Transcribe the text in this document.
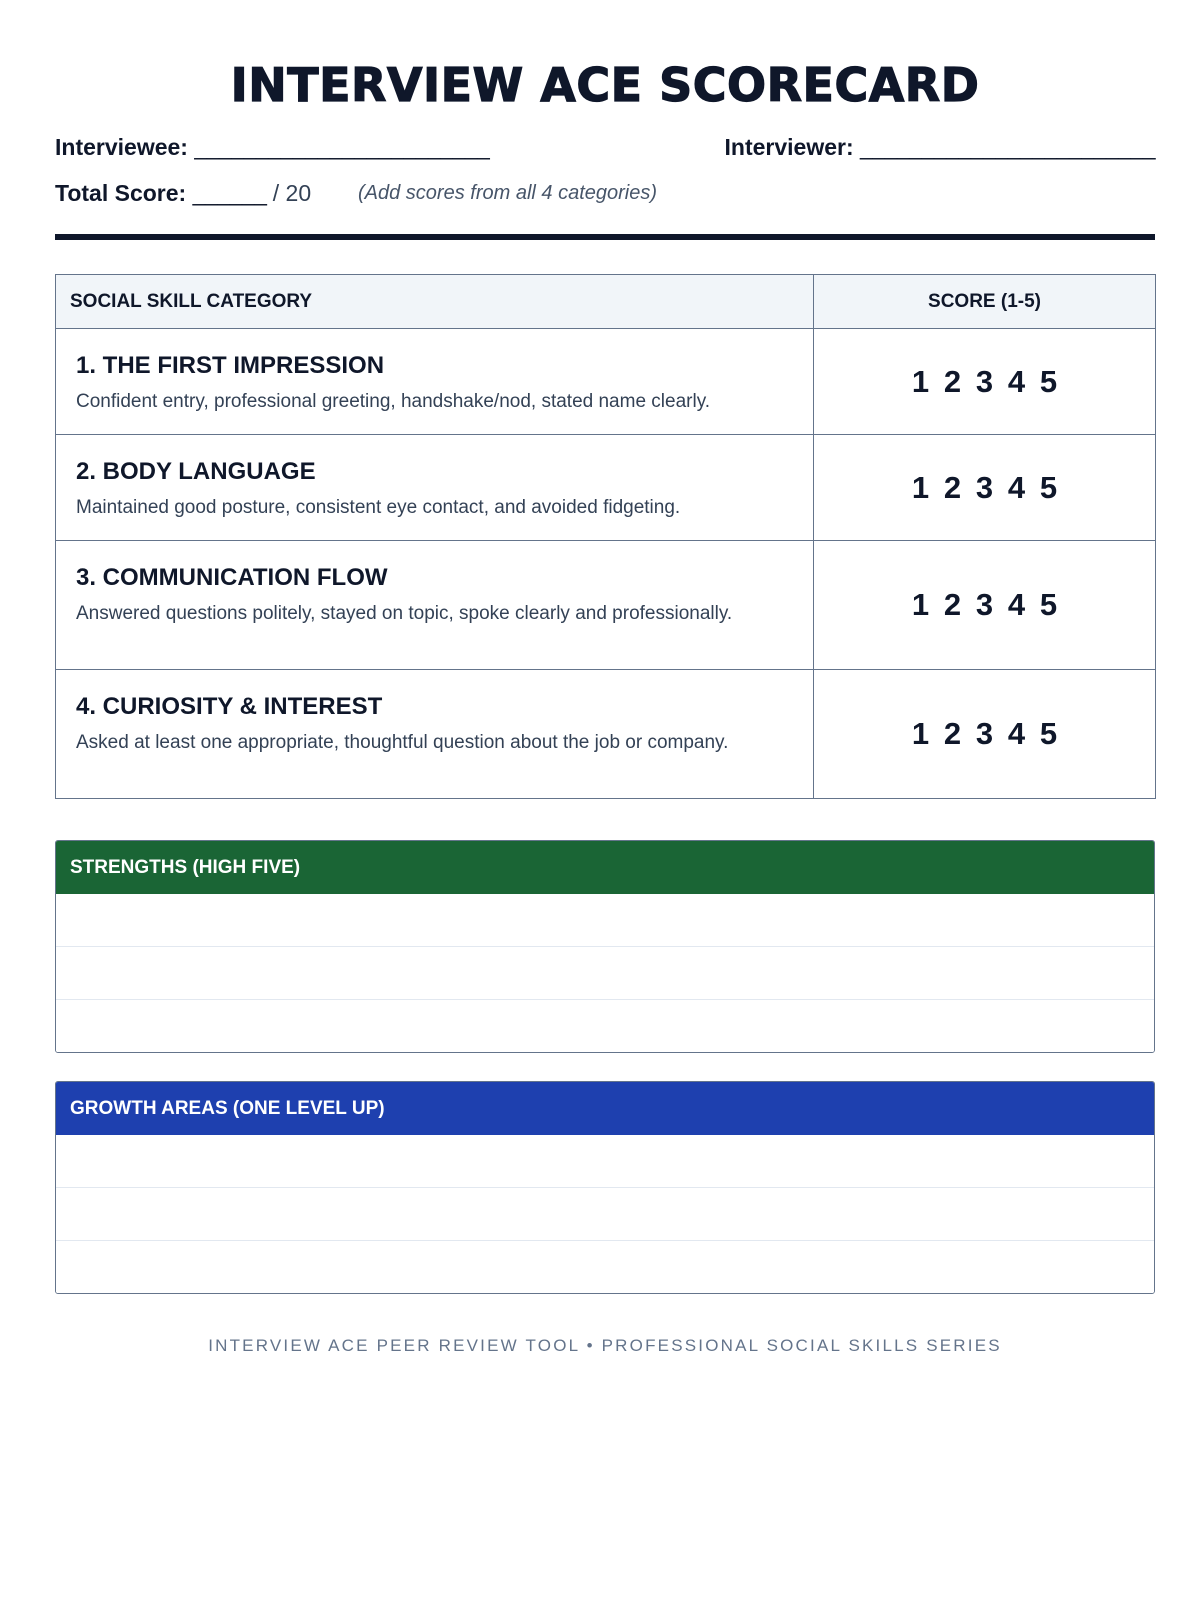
INTERVIEW ACE SCORECARD
Interviewee: ________________________	Interviewer: ________________________
Total Score: ______ / 20 (Add scores from all 4 categories)
SOCIAL SKILL CATEGORY	SCORE (1-5)

1. THE FIRST IMPRESSION
Confident entry, professional greeting, handshake/nod, stated name clearly.	1 2 3 4 5

2. BODY LANGUAGE
Maintained good posture, consistent eye contact, and avoided fidgeting.	1 2 3 4 5

3. COMMUNICATION FLOW
Answered questions politely, stayed on topic, spoke clearly and professionally.	1 2 3 4 5

4. CURIOSITY & INTEREST
Asked at least one appropriate, thoughtful question about the job or company.	1 2 3 4 5
STRENGTHS (HIGH FIVE)
GROWTH AREAS (ONE LEVEL UP)
INTERVIEW ACE PEER REVIEW TOOL • PROFESSIONAL SOCIAL SKILLS SERIES
